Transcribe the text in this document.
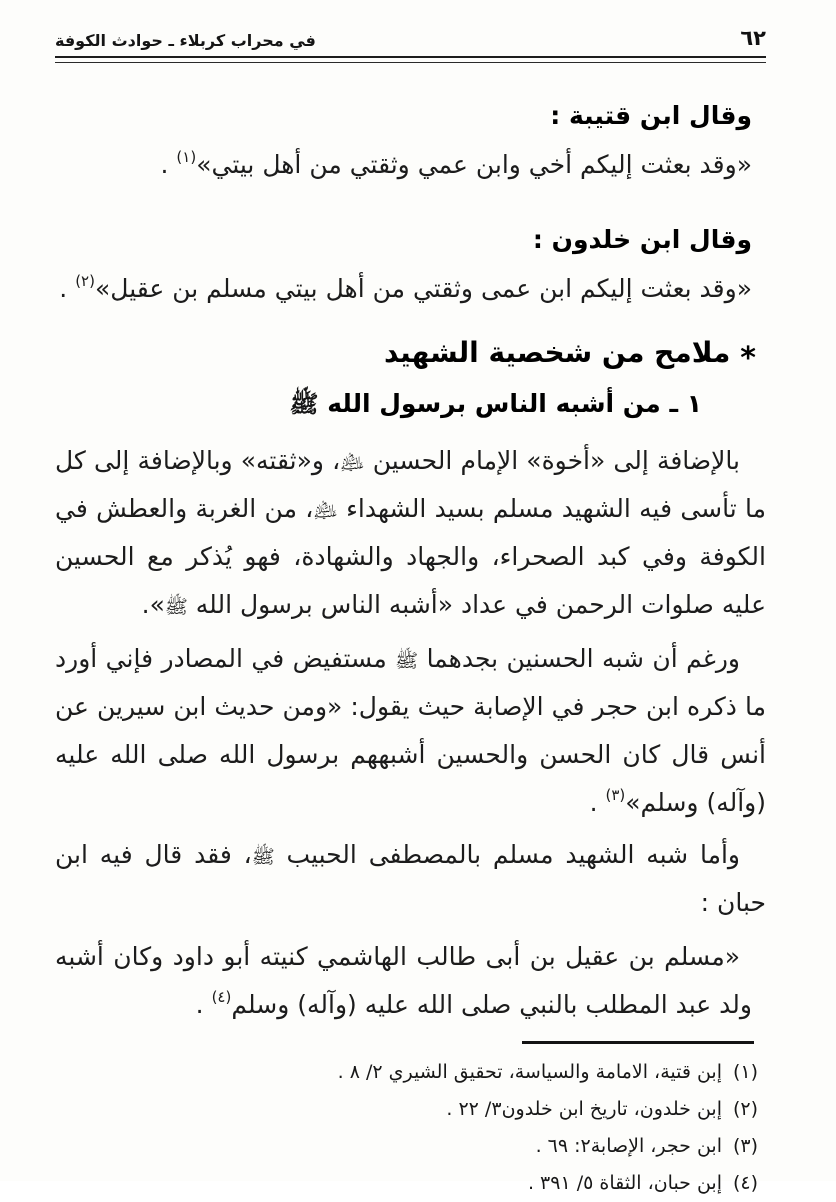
في محراب كربلاء ـ حوادث الكوفة	٦٢

وقال ابن قتيبة :

«وقد بعثت إليكم أخي وابن عمي وثقتي من أهل بيتي»$^{(١)}$ .

وقال ابن خلدون :

«وقد بعثت إليكم ابن عمى وثقتي من أهل بيتي مسلم بن عقيل»$^{(٢)}$ .

*ملامح من شخصية الشهيد

١ ـ من أشبه الناس برسول الله ﷺ

بالإضافة إلى «أخوة» الإمام الحسين ﵇، و«ثقته» وبالإضافة إلى كل ما تأسى فيه الشهيد مسلم بسيد الشهداء ﵇، من الغربة والعطش في الكوفة وفي كبد الصحراء، والجهاد والشهادة، فهو يُذكر مع الحسين عليه صلوات الرحمن في عداد «أشبه الناس برسول الله ﷺ».

ورغم أن شبه الحسنين بجدهما ﷺ مستفيض في المصادر فإني أورد ما ذكره ابن حجر في الإصابة حيث يقول: «ومن حديث ابن سيرين عن أنس قال كان الحسن والحسين أشبههم برسول الله صلى الله عليه (وآله) وسلم»$^{(٣)}$ .

وأما شبه الشهيد مسلم بالمصطفى الحبيب ﷺ، فقد قال فيه ابن حبان :

«مسلم بن عقيل بن أبى طالب الهاشمي كنيته أبو داود وكان أشبه ولد عبد المطلب بالنبي صلى الله عليه (وآله) وسلم$^{(٤)}$ .

(١)
إبن قتية، الامامة والسياسة، تحقيق الشيري ٢/ ٨ .
(٢)
إبن خلدون، تاريخ ابن خلدون٣/ ٢٢ .
(٣)
ابن حجر، الإصابة٢: ٦٩ .
(٤)
إبن حبان، الثقاة ٥/ ٣٩١ .
